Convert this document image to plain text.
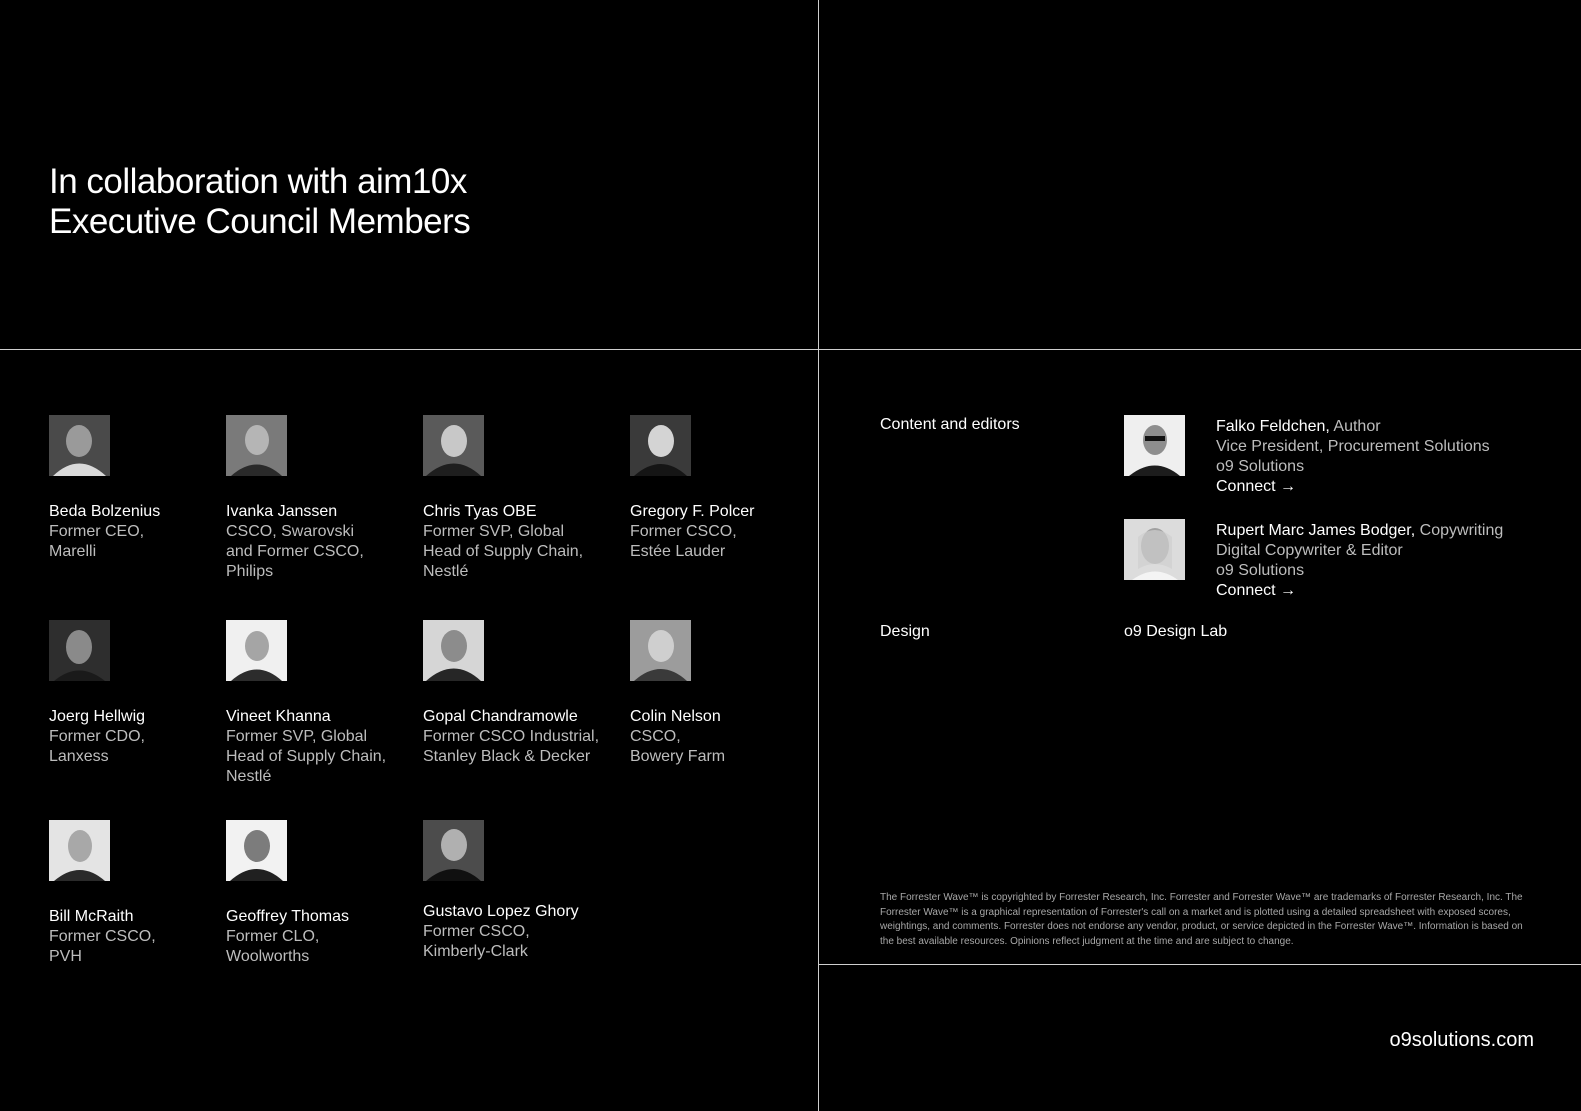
In collaboration with aim10x
Executive Council Members
Beda Bolzenius
Former CEO,
Marelli
Ivanka Janssen
CSCO, Swarovski
and Former CSCO,
Philips
Chris Tyas OBE
Former SVP, Global
Head of Supply Chain,
Nestlé
Gregory F. Polcer
Former CSCO,
Estée Lauder
Joerg Hellwig
Former CDO,
Lanxess
Vineet Khanna
Former SVP, Global
Head of Supply Chain,
Nestlé
Gopal Chandramowle
Former CSCO Industrial,
Stanley Black & Decker
Colin Nelson
CSCO,
Bowery Farm
Bill McRaith
Former CSCO,
PVH
Geoffrey Thomas
Former CLO,
Woolworths
Gustavo Lopez Ghory
Former CSCO,
Kimberly-Clark
Content and editors	Falko Feldchen, Author
Vice President, Procurement Solutions
o9 Solutions
Connect →
Rupert Marc James Bodger, Copywriting
Digital Copywriter & Editor
o9 Solutions
Connect →
Design	o9 Design Lab
The Forrester Wave™ is copyrighted by Forrester Research, Inc. Forrester and Forrester Wave™ are trademarks of Forrester Research, Inc. The Forrester Wave™ is a graphical representation of Forrester's call on a market and is plotted using a detailed spreadsheet with exposed scores, weightings, and comments. Forrester does not endorse any vendor, product, or service depicted in the Forrester Wave™. Information is based on the best available resources. Opinions reflect judgment at the time and are subject to change.
o9solutions.com
